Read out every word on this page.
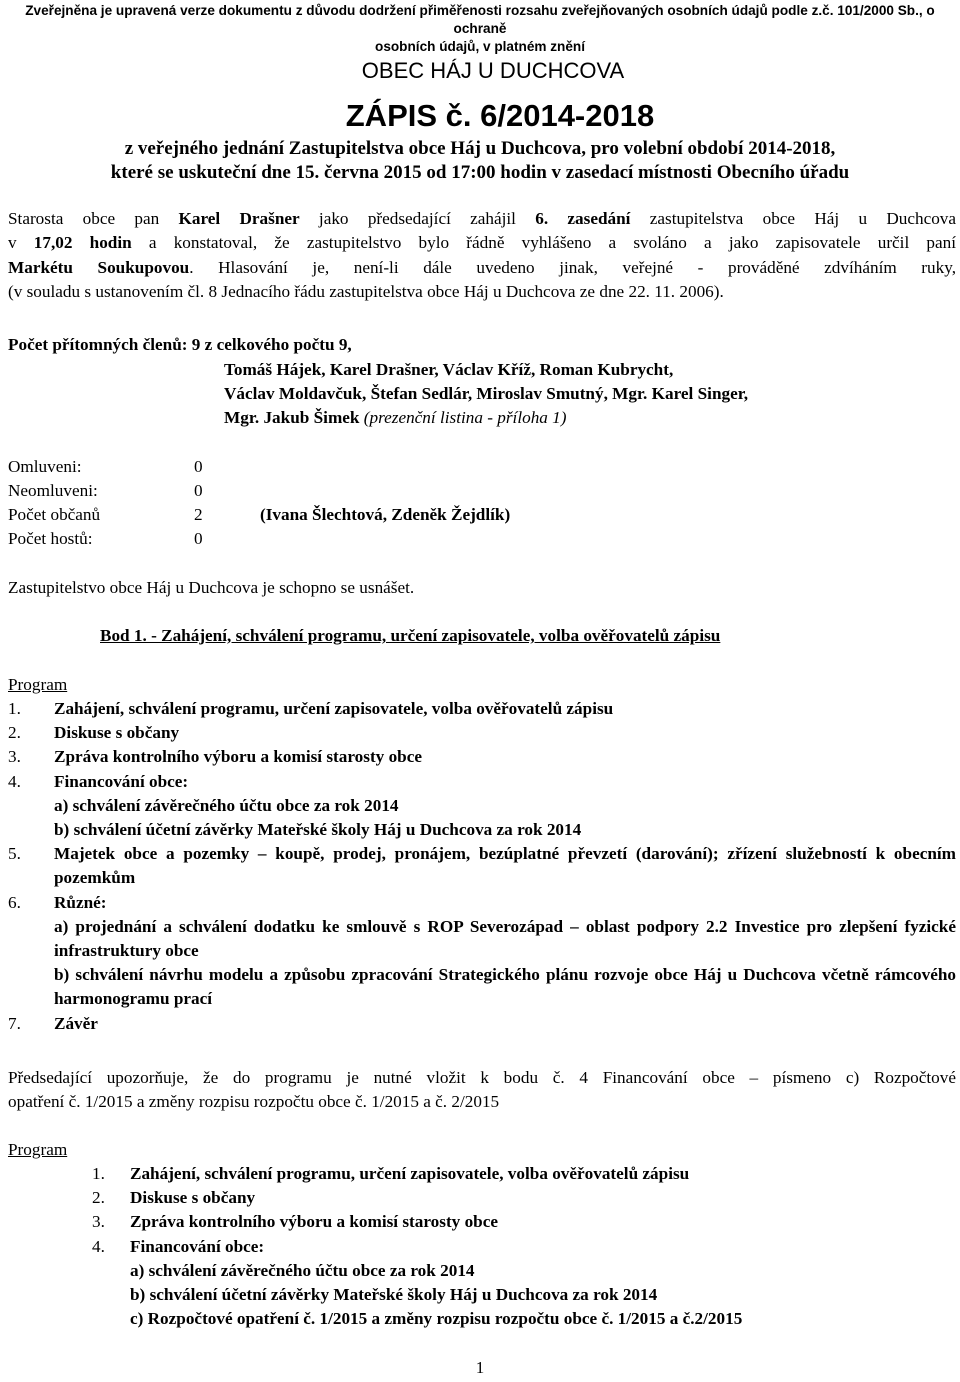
Zveřejněna je upravená verze dokumentu z důvodu dodržení přiměřenosti rozsahu zveřejňovaných osobních údajů podle z.č. 101/2000 Sb., o ochraně
osobních údajů, v platném znění
OBEC HÁJ U DUCHCOVA
ZÁPIS č. 6/2014-2018
z veřejného jednání Zastupitelstva obce Háj u Duchcova, pro volební období 2014-2018,
které se uskuteční dne 15. června 2015 od 17:00 hodin v zasedací místnosti Obecního úřadu
Starosta obce pan Karel Drašner jako předsedající zahájil 6. zasedání zastupitelstva obce Háj u Duchcova
v 17,02 hodin a konstatoval, že zastupitelstvo bylo řádně vyhlášeno a svoláno a jako zapisovatele určil paní
Markétu Soukupovou. Hlasování je, není-li dále uvedeno jinak, veřejné - prováděné zdvíháním ruky,
(v souladu s ustanovením čl. 8 Jednacího řádu zastupitelstva obce Háj u Duchcova ze dne 22. 11. 2006).
Počet přítomných členů: 9 z celkového počtu 9,
Tomáš Hájek, Karel Drašner, Václav Kříž, Roman Kubrycht,
Václav Moldavčuk, Štefan Sedlár, Miroslav Smutný, Mgr. Karel Singer,
Mgr. Jakub Šimek (prezenční listina - příloha 1)
Omluveni:	0
Neomluveni:	0
Počet občanů	2	(Ivana Šlechtová, Zdeněk Žejdlík)
Počet hostů:	0
Zastupitelstvo obce Háj u Duchcova je schopno se usnášet.
Bod 1. - Zahájení, schválení programu, určení zapisovatele, volba ověřovatelů zápisu
Program
1.	Zahájení, schválení programu, určení zapisovatele, volba ověřovatelů zápisu
2.	Diskuse s občany
3.	Zpráva kontrolního výboru a komisí starosty obce
4.	Financování obce:
a) schválení závěrečného účtu obce za rok 2014
b) schválení účetní závěrky Mateřské školy Háj u Duchcova za rok 2014
5.	Majetek obce a pozemky – koupě, prodej, pronájem, bezúplatné převzetí (darování); zřízení služebností k obecním pozemkům
6.	Různé:
a) projednání a schválení dodatku ke smlouvě s ROP Severozápad – oblast podpory 2.2 Investice pro zlepšení fyzické infrastruktury obce
b) schválení návrhu modelu a způsobu zpracování Strategického plánu rozvoje obce Háj u Duchcova včetně rámcového harmonogramu prací
7.	Závěr
Předsedající upozorňuje, že do programu je nutné vložit k bodu č. 4 Financování obce – písmeno c) Rozpočtové
opatření č. 1/2015 a změny rozpisu rozpočtu obce č. 1/2015 a č. 2/2015
Program
1.	Zahájení, schválení programu, určení zapisovatele, volba ověřovatelů zápisu
2.	Diskuse s občany
3.	Zpráva kontrolního výboru a komisí starosty obce
4.	Financování obce:
a) schválení závěrečného účtu obce za rok 2014
b) schválení účetní závěrky Mateřské školy Háj u Duchcova za rok 2014
c) Rozpočtové opatření č. 1/2015 a změny rozpisu rozpočtu obce č. 1/2015 a č.2/2015
1
